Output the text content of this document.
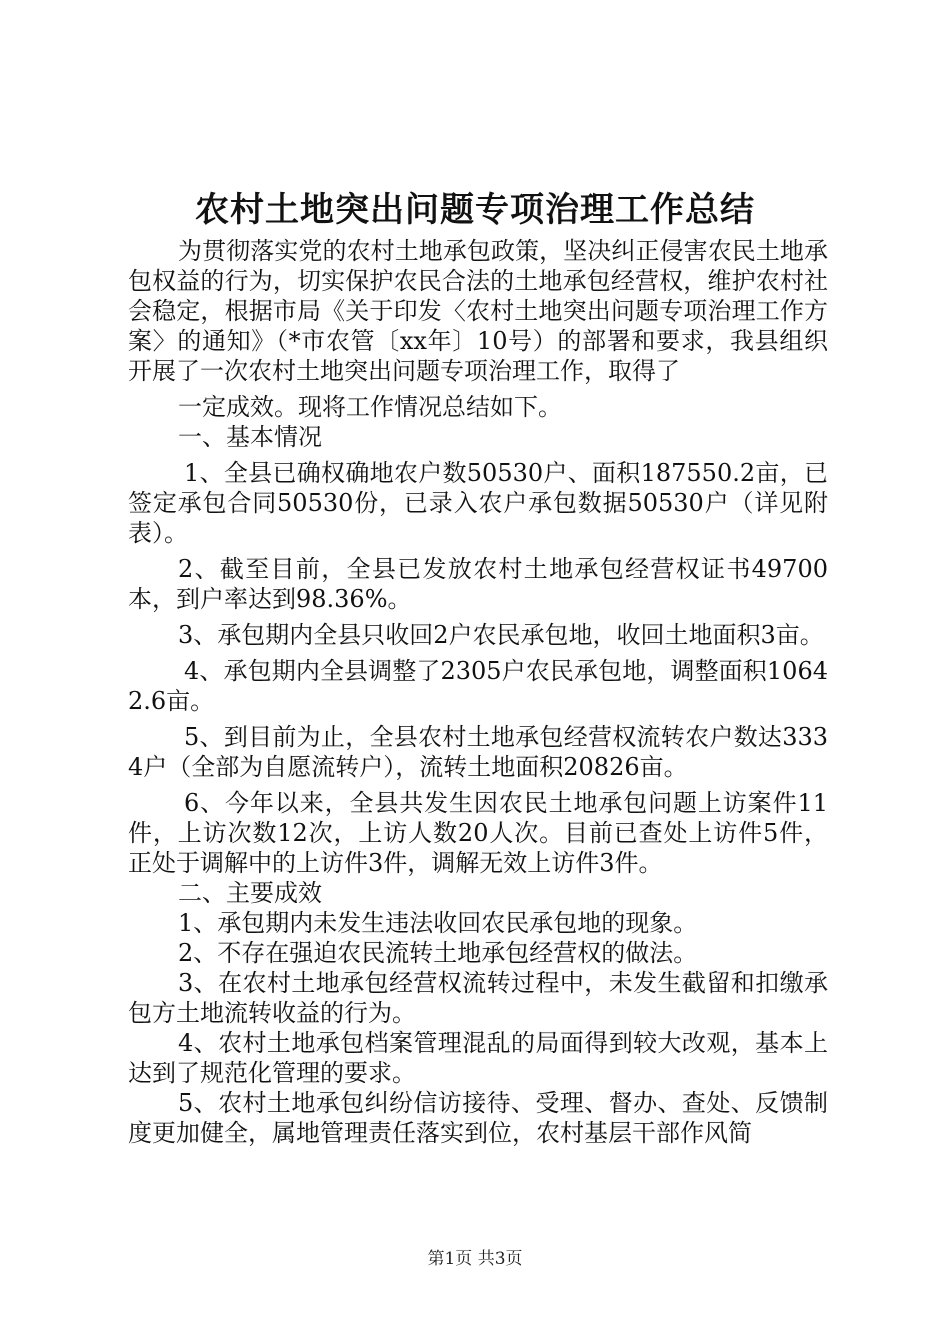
农村土地突出问题专项治理工作总结

为贯彻落实党的农村土地承包政策，坚决纠正侵害农民土地承包权益的行为，切实保护农民合法的土地承包经营权，维护农村社会稳定，根据市局《关于印发〈农村土地突出问题专项治理工作方案〉的通知》（*市农管〔xx年〕10号）的部署和要求，我县组织开展了一次农村土地突出问题专项治理工作，取得了

一定成效。现将工作情况总结如下。

一、基本情况

1、全县已确权确地农户数50530户、面积187550.2亩，已签定承包合同50530份，已录入农户承包数据50530户（详见附表）。

2、截至目前，全县已发放农村土地承包经营权证书49700本，到户率达到98.36%。

3、承包期内全县只收回2户农民承包地，收回土地面积3亩。

4、承包期内全县调整了2305户农民承包地，调整面积10642.6亩。

5、到目前为止，全县农村土地承包经营权流转农户数达3334户（全部为自愿流转户），流转土地面积20826亩。

6、今年以来，全县共发生因农民土地承包问题上访案件11件，上访次数12次，上访人数20人次。目前已查处上访件5件，正处于调解中的上访件3件，调解无效上访件3件。

二、主要成效

1、承包期内未发生违法收回农民承包地的现象。

2、不存在强迫农民流转土地承包经营权的做法。

3、在农村土地承包经营权流转过程中，未发生截留和扣缴承包方土地流转收益的行为。

4、农村土地承包档案管理混乱的局面得到较大改观，基本上达到了规范化管理的要求。

5、农村土地承包纠纷信访接待、受理、督办、查处、反馈制度更加健全，属地管理责任落实到位，农村基层干部作风简

第1页 共3页
